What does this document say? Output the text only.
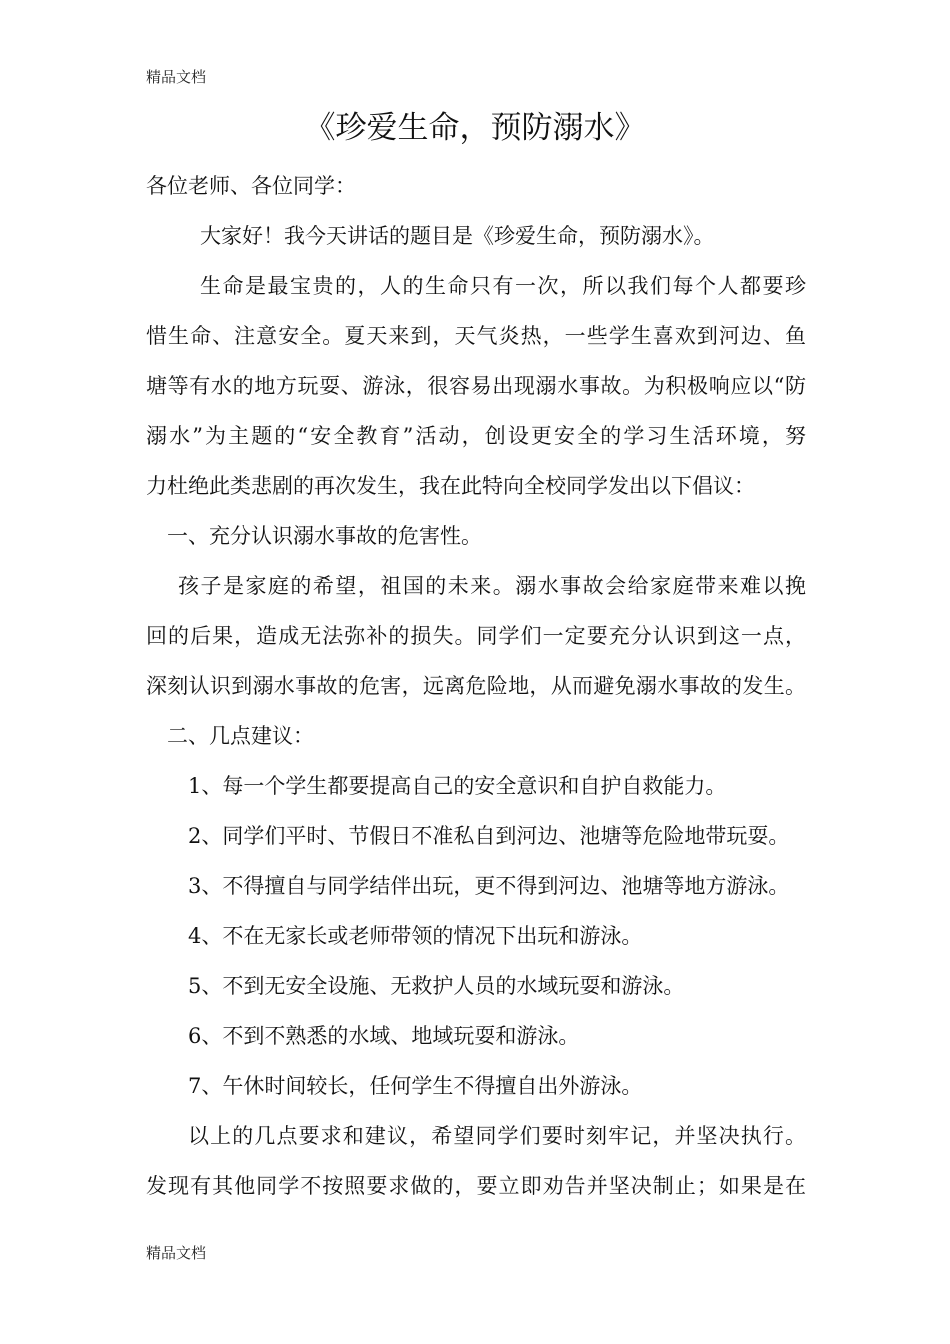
精品文档
《珍爱生命，预防溺水》
各位老师、各位同学：
大家好！我今天讲话的题目是《珍爱生命，预防溺水》。
生命是最宝贵的，人的生命只有一次，所以我们每个人都要珍
惜生命、注意安全。夏天来到，天气炎热，一些学生喜欢到河边、鱼
塘等有水的地方玩耍、游泳，很容易出现溺水事故。为积极响应以“防
溺水”为主题的“安全教育”活动，创设更安全的学习生活环境，努
力杜绝此类悲剧的再次发生，我在此特向全校同学发出以下倡议：
一、充分认识溺水事故的危害性。
孩子是家庭的希望，祖国的未来。溺水事故会给家庭带来难以挽
回的后果，造成无法弥补的损失。同学们一定要充分认识到这一点，
深刻认识到溺水事故的危害，远离危险地，从而避免溺水事故的发生。
二、几点建议：
1、每一个学生都要提高自己的安全意识和自护自救能力。
2、同学们平时、节假日不准私自到河边、池塘等危险地带玩耍。
3、不得擅自与同学结伴出玩，更不得到河边、池塘等地方游泳。
4、不在无家长或老师带领的情况下出玩和游泳。
5、不到无安全设施、无救护人员的水域玩耍和游泳。
6、不到不熟悉的水域、地域玩耍和游泳。
7、午休时间较长，任何学生不得擅自出外游泳。
以上的几点要求和建议，希望同学们要时刻牢记，并坚决执行。
发现有其他同学不按照要求做的，要立即劝告并坚决制止；如果是在
精品文档
